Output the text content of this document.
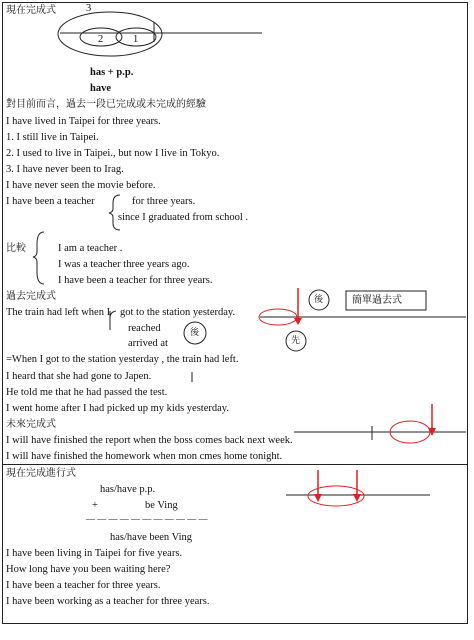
現在完成式	3
2	1
has + p.p.
have
對目前而言，過去一段已完成或未完成的經驗
I have lived in Taipei for three years.
1. I still live in Taipei.
2. I used to live in Taipei., but now I live in Tokyo.
3. I have never been to Irag.
I have never seen the movie before.
I have been a teacher	for three years.
since I graduated from school .
比較	I am a teacher .
I was a teacher three years ago.
I have been a teacher for three years.
過去完成式
The train had left when I got to the station yesterday.
reached
arrived at
後
後
先
簡單過去式
=When I got to the station yesterday , the train had left.
I heard that she had gone to Japen.
He told me that he had passed the test.
I went home after I had picked up my kids yesterday.
未來完成式
I will have finished the report when the boss comes back next week.
I will have finished the homework when mon cmes home tonight.
現在完成進行式
has/have p.p.
+	be Ving
— — — — — — — — — — —
has/have been Ving
I have been living in Taipei for five years.
How long have you been waiting here?
I have been a teacher for three years.
I have been working as a teacher for three years.
